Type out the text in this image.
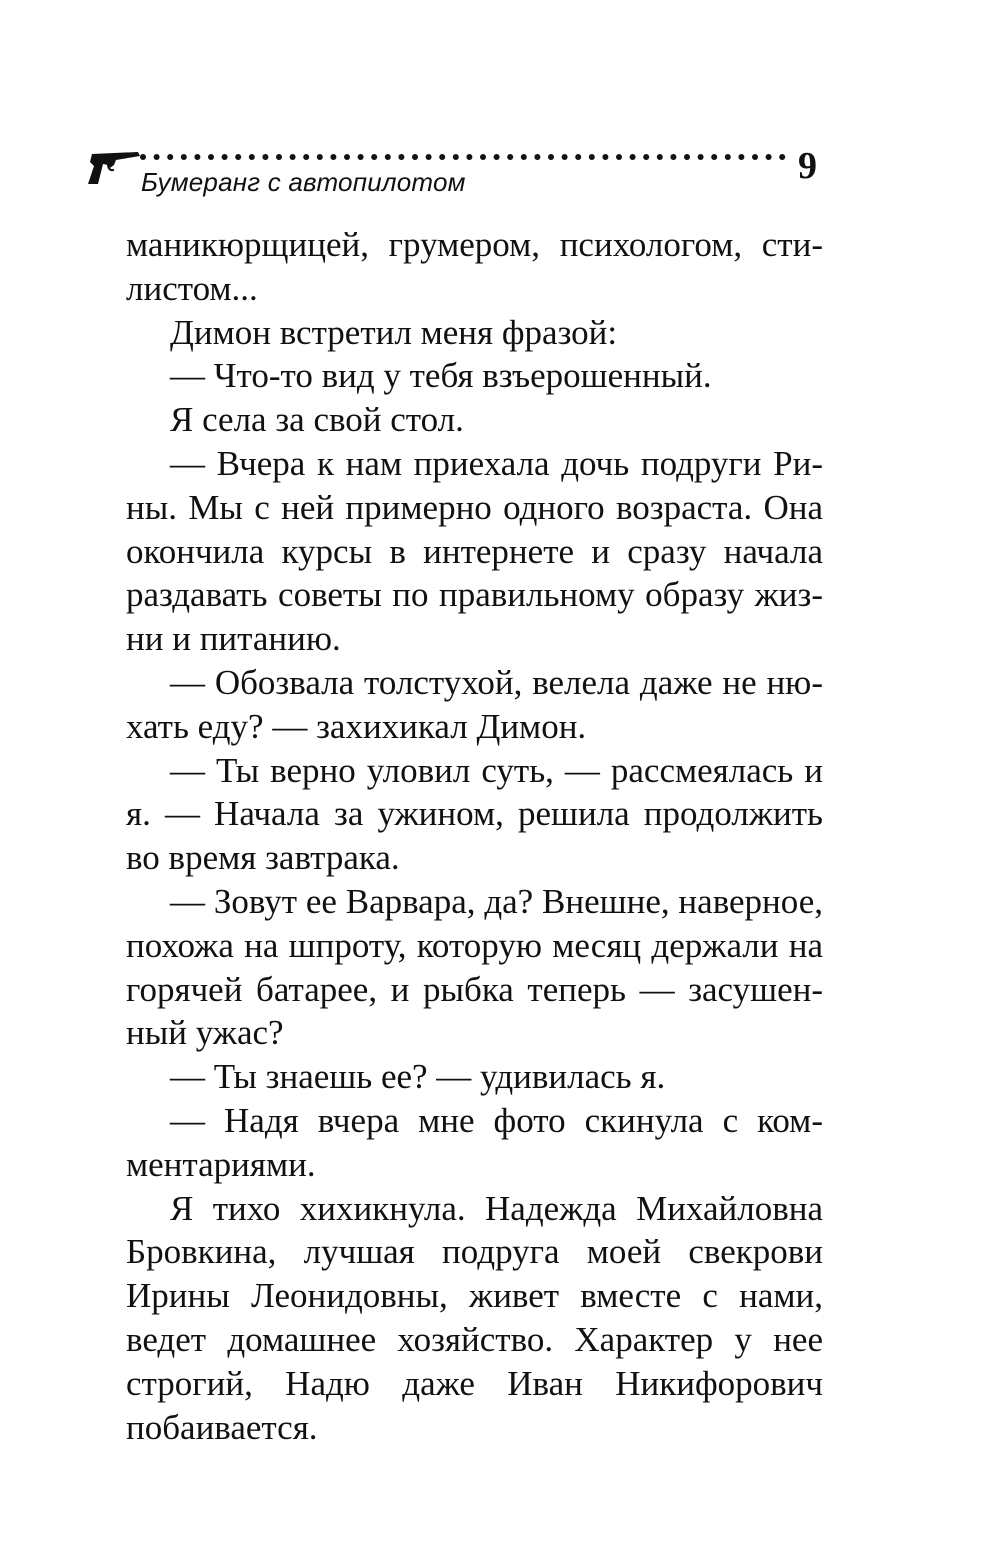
Бумеранг с автопилотом	9

маникюрщицей, грумером, психологом, стилистом...

Димон встретил меня фразой:

— Что-то вид у тебя взъерошенный.

Я села за свой стол.

— Вчера к нам приехала дочь подруги Рины. Мы с ней примерно одного возраста. Она окончила курсы в интернете и сразу начала раздавать советы по правильному образу жизни и питанию.

— Обозвала толстухой, велела даже не нюхать еду? — захихикал Димон.

— Ты верно уловил суть, — рассмеялась и я. — Начала за ужином, решила продолжить во время завтрака.

— Зовут ее Варвара, да? Внешне, наверное, похожа на шпроту, которую месяц держали на горячей батарее, и рыбка теперь — засушенный ужас?

— Ты знаешь ее? — удивилась я.

— Надя вчера мне фото скинула с комментариями.

Я тихо хихикнула. Надежда Михайловна Бровкина, лучшая подруга моей свекрови Ирины Леонидовны, живет вместе с нами, ведет домашнее хозяйство. Характер у нее строгий, Надю даже Иван Никифорович побаивается.
